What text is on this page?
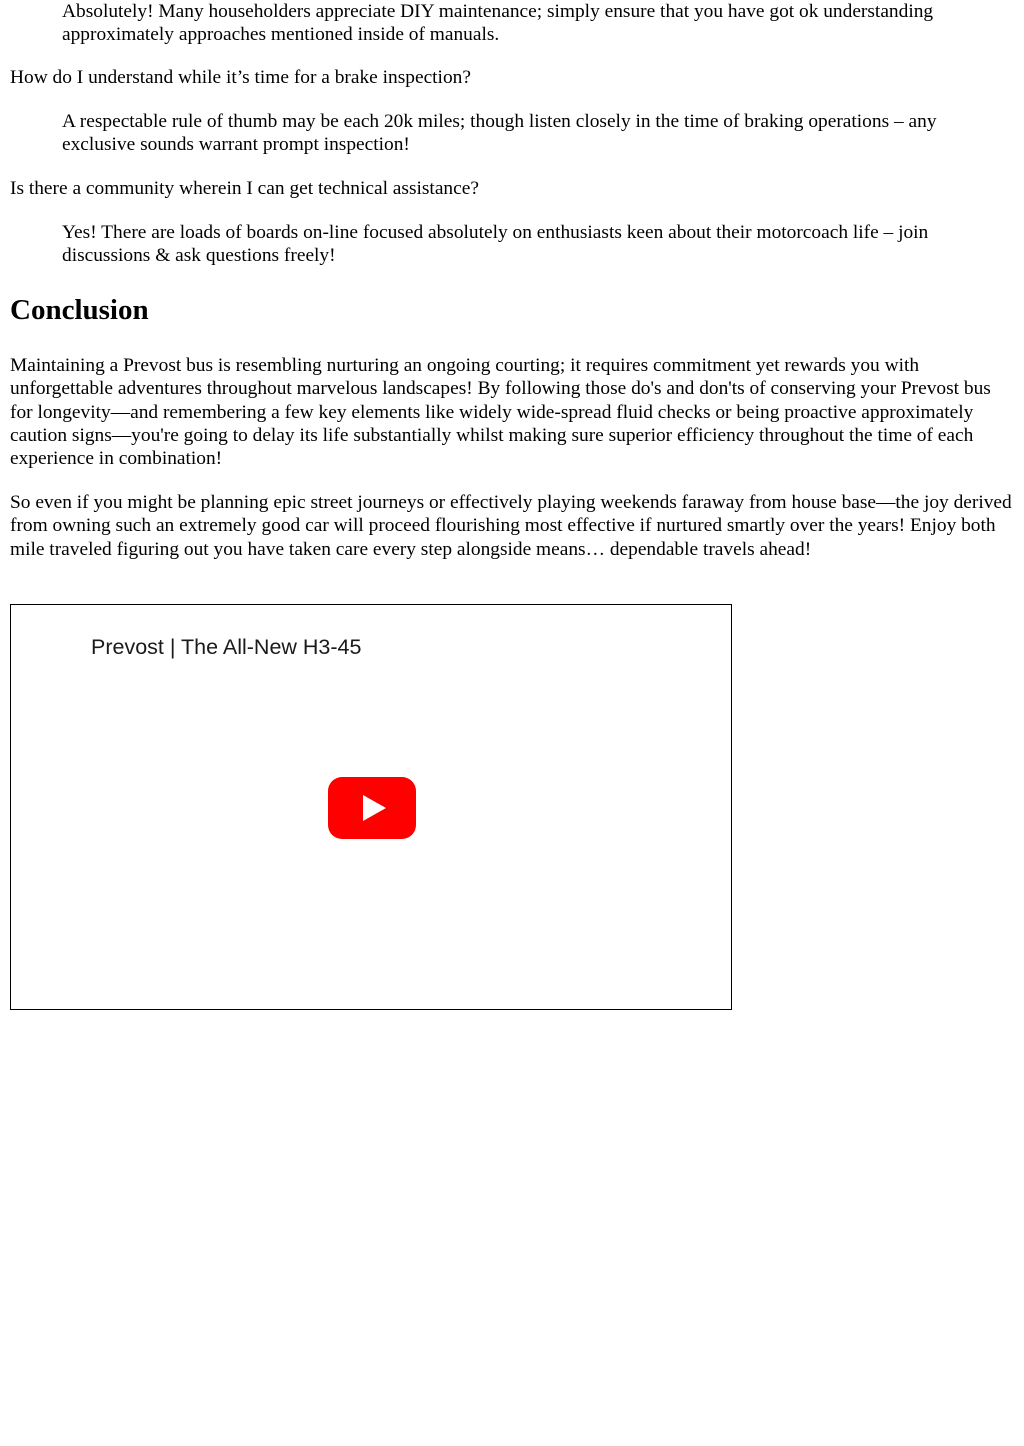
Absolutely! Many householders appreciate DIY maintenance; simply ensure that you have got ok understanding approximately approaches mentioned inside of manuals.

How do I understand while it’s time for a brake inspection?

A respectable rule of thumb may be each 20k miles; though listen closely in the time of braking operations – any exclusive sounds warrant prompt inspection!

Is there a community wherein I can get technical assistance?

Yes! There are loads of boards on-line focused absolutely on enthusiasts keen about their motorcoach life – join discussions & ask questions freely!

Conclusion

Maintaining a Prevost bus is resembling nurturing an ongoing courting; it requires commitment yet rewards you with unforgettable adventures throughout marvelous landscapes! By following those do's and don'ts of conserving your Prevost bus for longevity—and remembering a few key elements like widely wide-spread fluid checks or being proactive approximately caution signs—you're going to delay its life substantially whilst making sure superior efficiency throughout the time of each experience in combination!

So even if you might be planning epic street journeys or effectively playing weekends faraway from house base—the joy derived from owning such an extremely good car will proceed flourishing most effective if nurtured smartly over the years! Enjoy both mile traveled figuring out you have taken care every step alongside means… dependable travels ahead!

Prevost | The All-New H3-45
